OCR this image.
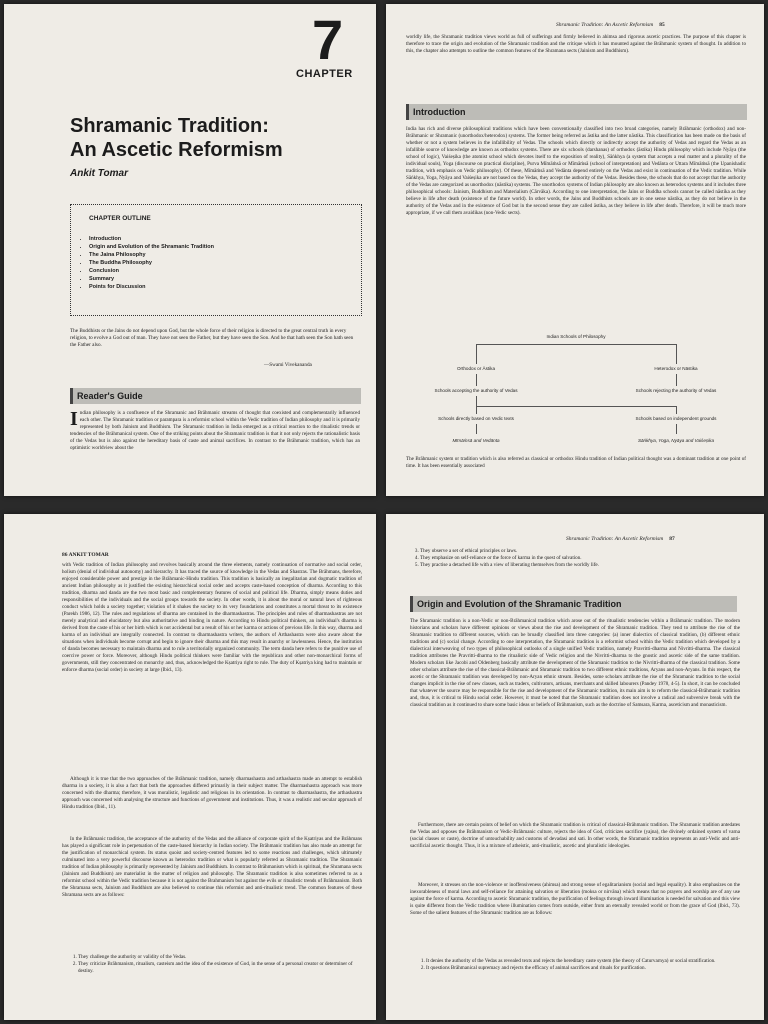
7
CHAPTER
Shramanic Tradition:
An Ascetic Reformism
Ankit Tomar
CHAPTER OUTLINE
• Introduction
• Origin and Evolution of the Shramanic Tradition
• The Jaina Philosophy
• The Buddha Philosophy
• Conclusion
• Summary
• Points for Discussion
The Buddhists or the Jains do not depend upon God, but the whole force of their religion is directed to the great central truth in every religion, to evolve a God out of man. They have not seen the Father, but they have seen the Son. And he that hath seen the Son hath seen the Father also.
—Swami Vivekananda
Reader's Guide
Indian philosophy is a confluence of the Shramanic and Brāhmanic streams of thought that coexisted and complementarily influenced each other. The Shramanic tradition or parampara is a reformist school within the Vedic tradition of Indian philosophy and it is primarily represented by both Jainism and Buddhism. The Shramanic tradition in India emerged as a critical reaction to the ritualistic trends or tendencies of the Brāhmanical system. One of the striking points about the Shramanic tradition is that it not only rejects the rationalistic basis of the Vedas but is also against the hereditary basis of caste and animal sacrifices. In contrast to the Brāhmanic tradition, which has an optimistic worldview about the
Shramanic Tradition: An Ascetic Reformism 85
worldly life, the Shramanic tradition views world as full of sufferings and firmly believed in ahimsa and rigorous ascetic practices. The purpose of this chapter is therefore to trace the origin and evolution of the Shramanic tradition and the critique which it has mounted against the Brāhmanic system of thought. In addition to this, the chapter also attempts to outline the common features of the Shramana sects (Jainism and Buddhism).
Introduction
India has rich and diverse philosophical traditions which have been conventionally classified into two broad categories, namely Brāhmanic (orthodox) and non-Brāhmanic or Shramanic (unorthodox/heterodox) systems. The former being referred as āstika and the latter nāstika. This classification has been made on the basis of whether or not a system believes in the infallibility of Vedas. The schools which directly or indirectly accept the authority of Vedas and regard the Vedas as an infallible source of knowledge are known as orthodox systems. There are six schools (darshanas) of orthodox (āstika) Hindu philosophy which include Nyāya (the school of logic), Vaiśeṣika (the atomist school which devotes itself to the exposition of reality), Sāṅkhya (a system that accepts a real matter and a plurality of the individual souls), Yoga (discourse on practical discipline), Purva Mīmāṁsā or Mīmāṁsā (school of interpretation) and Vedānta or Uttara Mīmāṁsā (the Upanishadic tradition, with emphasis on Vedic philosophy). Of these, Mīmāṁsā and Vedānta depend entirely on the Vedas and exist in continuation of the Vedic tradition. While Sāṅkhya, Yoga, Nyāya and Vaiśeṣika are not based on the Vedas, they accept the authority of the Vedas. Besides these, the schools that do not accept that the authority of the Vedas are categorized as unorthodox (nāstika) systems. The unorthodox systems of Indian philosophy are also known as heterodox systems and it includes three philosophical schools: Jainism, Buddhism and Materialism (Cārvāka). According to one interpretation, the Jains or Buddha schools cannot be called nāstika as they believe in life after death (existence of the future world). In other words, the Jains and Buddhists schools are in one sense nāstika, as they do not believe in the authority of the Vedas and in the existence of God but in the second sense they are called āstika, as they believe in life after death. Therefore, it will be much more appropriate, if we call them avaidikas (non-Vedic sects).
Indian Schools of Philosophy
Orthodox or Āstika	Heterodox or Nāstika
Schools accepting the authority of Vedas	Schools rejecting the authority of Vedas
Schools directly based on Vedic texts	Schools based on independent grounds
Mīmāṁsā and Vedānta	Sāṅkhya, Yoga, Nyāya and Vaiśeṣika
The Brāhmanic system or tradition which is also referred as classical or orthodox Hindu tradition of Indian political thought was a dominant tradition at one point of time. It has been essentially associated
86 ANKIT TOMAR
with Vedic tradition of Indian philosophy and revolves basically around the three elements, namely continuation of normative and social order, holism (denial of individual autonomy) and hierarchy. It has traced the source of knowledge in the Vedas and Shastras. The Brāhmans, therefore, enjoyed considerable power and prestige in the Brāhmanic-Hindu tradition. This tradition is basically an inegalitarian and dogmatic tradition of ancient Indian philosophy as it justified the existing hierarchical social order and accepts caste-based conception of dharma. According to this tradition, dharma and danda are the two most basic and complementary features of social and political life. Dharma, simply means duties and responsibilities of the individuals and the social groups towards the society. In other words, it is about the moral or natural laws of righteous conduct which holds a society together; violation of it shakes the society to its very foundations and constitutes a mortal threat to its existence (Parekh 1986, 12). The rules and regulations of dharma are contained in the dharmashastras. The principles and rules of dharmashastras are not merely analytical and elucidatory but also authoritative and binding in nature. According to Hindu political thinkers, an individual's dharma is derived from the caste of his or her birth which is not accidental but a result of his or her karma or actions of previous life. In this way, dharma and karma of an individual are integrally connected. In contrast to dharmashastra writers, the authors of Arthashastra were also aware about the situations when individuals become corrupt and begin to ignore their dharma and this may result in anarchy or lawlessness. Hence, the institution of danda becomes necessary to maintain dharma and to rule a territorially organized community. The term danda here refers to the punitive use of coercive power or force. Moreover, although Hindu political thinkers were familiar with the republican and other non-monarchical forms of governments, still they concentrated on monarchy and, thus, acknowledged the Kṣatriya right to rule. The duty of Kṣatriya king had to maintain or enforce dharma (social order) in society at large (Ibid., 13).
Although it is true that the two approaches of the Brāhmanic tradition, namely dharmashastra and arthashastra made an attempt to establish dharma in a society, it is also a fact that both the approaches differed primarily in their subject matter. The dharmashastra approach was more concerned with the dharma; therefore, it was moralistic, legalistic and religious in its orientation. In contrast to dharmashastra, the arthashastra approach was concerned with analysing the structure and functions of government and institutions. Thus, it was a realistic and secular approach of Hindu tradition (Ibid., 11).
In the Brāhmanic tradition, the acceptance of the authority of the Vedas and the alliance of corporate spirit of the Kṣatriyas and the Brāhmans has played a significant role in perpetuation of the caste-based hierarchy in Indian society. The Brāhmanic tradition has also made an attempt for the justification of monarchical system. Its status quoist and society-centred features led to some reactions and challenges, which ultimately culminated into a very powerful discourse known as heterodox tradition or what is popularly referred as Shramanic tradition. The Shramanic tradition of Indian philosophy is primarily represented by Jainism and Buddhism. In contrast to Brāhmanism which is spiritual, the Shramana sects (Jainism and Buddhism) are materialist in the matter of religion and philosophy. The Shramanic tradition is also sometimes referred to as a reformist school within the Vedic tradition because it is not against the Brahmanism but against the evils or ritualistic trends of Brāhmanism. Both the Shramana sects, Jainism and Buddhism are also believed to continue this reformist and anti-ritualistic trend. The common features of these Shramana sects are as follows:
1. They challenge the authority or validity of the Vedas.
2. They criticize Brāhmanism, ritualism, casteism and the idea of the existence of God, in the sense of a personal creator or determiner of destiny.
Shramanic Tradition: An Ascetic Reformism 87
3. They observe a set of ethical principles or laws.
4. They emphasize on self-reliance or the force of karma in the quest of salvation.
5. They practise a detached life with a view of liberating themselves from the worldly life.
Origin and Evolution of the Shramanic Tradition
The Shramanic tradition is a non-Vedic or non-Brāhmanical tradition which arose out of the ritualistic tendencies within a Brāhmanic tradition. The modern historians and scholars have different opinions or views about the rise and development of the Shramanic tradition. They tend to attribute the rise of the Shramanic tradition to different sources, which can be broadly classified into three categories: (a) inner dialectics of classical tradition, (b) different ethnic traditions and (c) social change. According to one interpretation, the Shramanic tradition is a reformist school within the Vedic tradition which developed by a dialectical interweaving of two types of philosophical outlooks of a single unified Vedic tradition, namely Pravritti-dharma and Nivritti-dharma. The classical tradition attributes the Pravritti-dharma to the ritualistic side of Vedic religion and the Nivritti-dharma to the gnostic and ascetic side of the same tradition. Modern scholars like Jacobi and Oldenberg basically attribute the development of the Shramanic tradition to the Nivritti-dharma of the classical tradition. Some other scholars attribute the rise of the classical-Brāhmanic and Shramanic tradition to two different ethnic traditions, Aryans and non-Aryans. In this respect, the ascetic or the Shramanic tradition was developed by non-Aryan ethnic stream. Besides, some scholars attribute the rise of the Shramanic tradition to the social changes implicit in the rise of new classes, such as traders, cultivators, artisans, merchants and skilled labourers (Pandey 1978, 4-5). In short, it can be concluded that whatever the source may be responsible for the rise and development of the Shramanic tradition, its main aim is to reform the classical-Brāhmanic tradition and, thus, it is critical to Hindu social order. However, it must be noted that the Shramanic tradition does not involve a radical and subversive break with the classical tradition as it continued to share some basic ideas or beliefs of Brāhmanism, such as the doctrine of Samsara, Karma, asceticism and monasticism.
Furthermore, there are certain points of belief on which the Shramanic tradition is critical of classical-Brāhmanic tradition. The Shramanic tradition antedates the Vedas and opposes the Brāhmanism or Vedic-Brāhmanic culture, rejects the idea of God, criticizes sacrifice (yajna), the divinely ordained system of varna (social classes or caste), doctrine of untouchability and customs of devadasi and sati. In other words, the Shramanic tradition represents an anti-Vedic and anti-sacrificial ascetic thought. Thus, it is a mixture of atheistic, anti-ritualistic, ascetic and pluralistic ideologies.
Moreover, it stresses on the non-violence or inoffensiveness (ahimsa) and strong sense of egalitarianism (social and legal equality). It also emphasizes on the inexorableness of moral laws and self-reliance for attaining salvation or liberation (moksa or nirvāna) which means that no prayers and worship are of any use against the force of karma. According to ascetic Shramanic tradition, the purification of feelings through inward illumination is needed for salvation and this view is quite different from the Vedic tradition where illumination comes from outside, either from an eternally revealed world or from the grace of God (Ibid., 73). Some of the salient features of the Shramanic tradition are as follows:
1. It denies the authority of the Vedas as revealed texts and rejects the hereditary caste system (the theory of Caturvarnya) or social stratification.
2. It questions Brāhmanical supremacy and rejects the efficacy of animal sacrifices and rituals for purification.
